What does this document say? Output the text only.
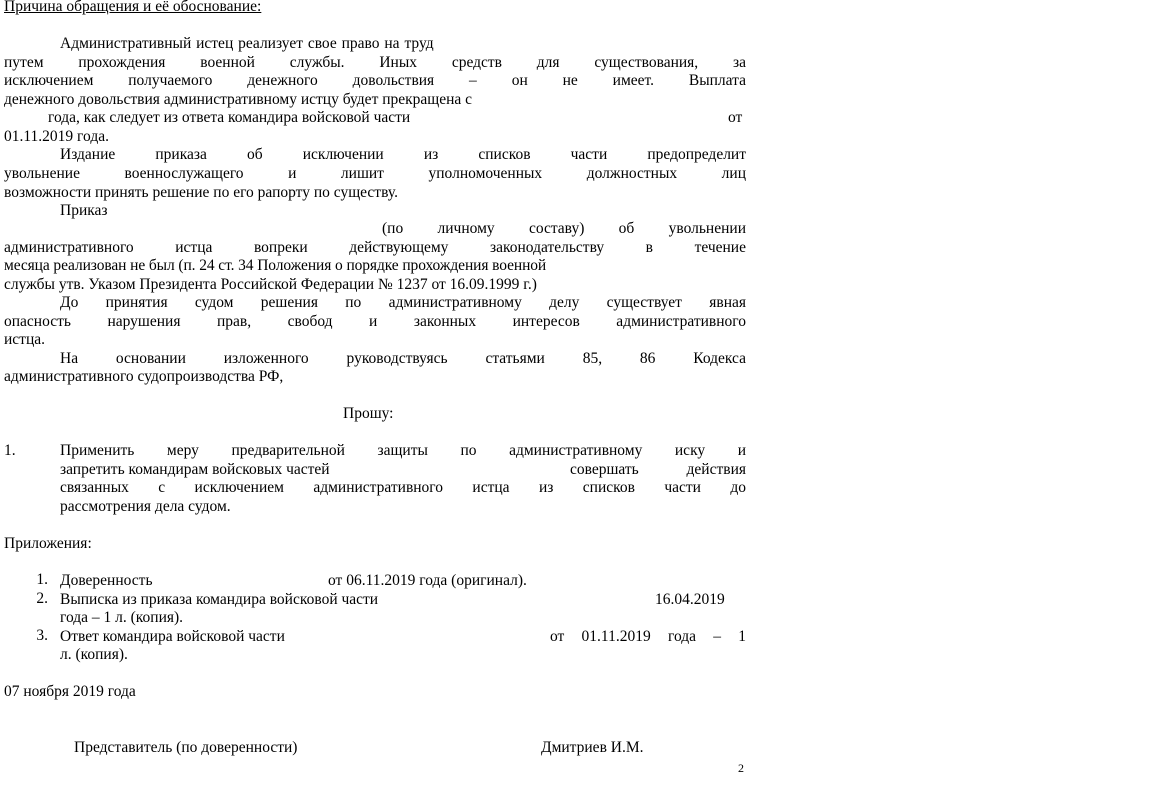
Причина обращения и её обоснование:
Административный истец реализует свое право на труд
путем прохождения военной службы. Иных средств для существования, за
исключением получаемого денежного довольствия – он не имеет. Выплата
денежного довольствия административному истцу будет прекращена с
года, как следует из ответа командира войсковой части	от
01.11.2019 года.
Издание приказа об исключении из списков части предопределит
увольнение военнослужащего и лишит уполномоченных должностных лиц
возможности принять решение по его рапорту по существу.
Приказ
(по личному составу) об увольнении
административного истца вопреки действующему законодательству в течение
месяца реализован не был (п. 24 ст. 34 Положения о порядке прохождения военной
службы утв. Указом Президента Российской Федерации № 1237 от 16.09.1999 г.)
До принятия судом решения по административному делу существует явная
опасность нарушения прав, свобод и законных интересов административного
истца.
На основании изложенного руководствуясь статьями 85, 86 Кодекса
административного судопроизводства РФ,
Прошу:
1.	Применить меру предварительной защиты по административному иску и
запретить командирам войсковых частей	совершать действия
связанных с исключением административного истца из списков части до
рассмотрения дела судом.
Приложения:
1. Доверенность	от 06.11.2019 года (оригинал).
2. Выписка из приказа командира войсковой части	16.04.2019
года – 1 л. (копия).
3. Ответ командира войсковой части	от 01.11.2019 года – 1
л. (копия).
07 ноября 2019 года
Представитель (по доверенности)	Дмитриев И.М.
2
